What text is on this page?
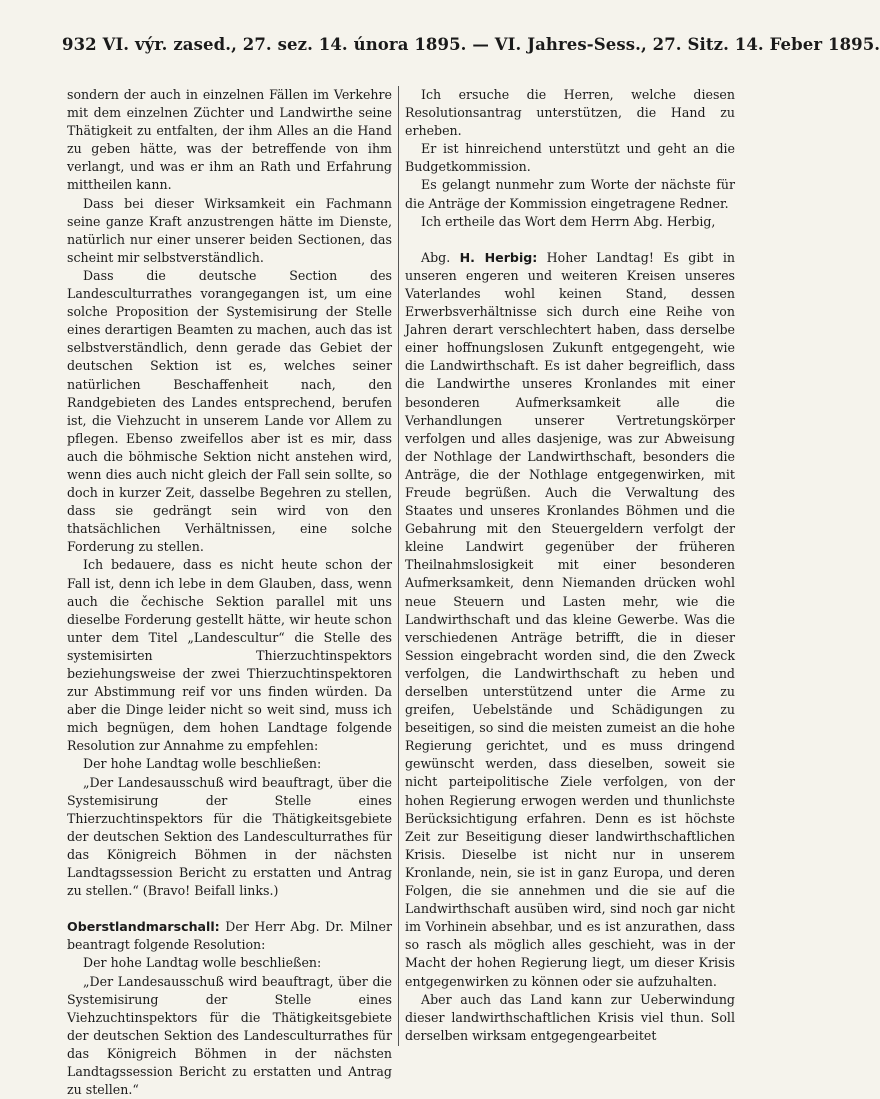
932 VI. výr. zased., 27. sez. 14. února 1895. — VI. Jahres-Sess., 27. Sitz. 14. Feber 1895.

sondern der auch in einzelnen Fällen im Verkehre mit dem einzelnen Züchter und Landwirthe seine Thätigkeit zu entfalten, der ihm Alles an die Hand zu geben hätte, was der betreffende von ihm verlangt, und was er ihm an Rath und Erfahrung mittheilen kann.

Dass bei dieser Wirksamkeit ein Fachmann seine ganze Kraft anzustrengen hätte im Dienste, natürlich nur einer unserer beiden Sectionen, das scheint mir selbstverständlich.

Dass die deutsche Section des Landesculturrathes vorangegangen ist, um eine solche Proposition der Systemisirung der Stelle eines derartigen Beamten zu machen, auch das ist selbstverständlich, denn gerade das Gebiet der deutschen Sektion ist es, welches seiner natürlichen Beschaffenheit nach, den Randgebieten des Landes entsprechend, berufen ist, die Viehzucht in unserem Lande vor Allem zu pflegen. Ebenso zweifellos aber ist es mir, dass auch die böhmische Sektion nicht anstehen wird, wenn dies auch nicht gleich der Fall sein sollte, so doch in kurzer Zeit, dasselbe Begehren zu stellen, dass sie gedrängt sein wird von den thatsächlichen Verhältnissen, eine solche Forderung zu stellen.

Ich bedauere, dass es nicht heute schon der Fall ist, denn ich lebe in dem Glauben, dass, wenn auch die čechische Sektion parallel mit uns dieselbe Forderung gestellt hätte, wir heute schon unter dem Titel „Landescultur“ die Stelle des systemisirten Thierzuchtinspektors beziehungsweise der zwei Thierzuchtinspektoren zur Abstimmung reif vor uns finden würden. Da aber die Dinge leider nicht so weit sind, muss ich mich begnügen, dem hohen Landtage folgende Resolution zur Annahme zu empfehlen:

Der hohe Landtag wolle beschließen:

„Der Landesausschuß wird beauftragt, über die Systemisirung der Stelle eines Thierzuchtinspektors für die Thätigkeitsgebiete der deutschen Sektion des Landesculturrathes für das Königreich Böhmen in der nächsten Landtagssession Bericht zu erstatten und Antrag zu stellen.“ (Bravo! Beifall links.)

Oberstlandmarschall: Der Herr Abg. Dr. Milner beantragt folgende Resolution:

Der hohe Landtag wolle beschließen:

„Der Landesausschuß wird beauftragt, über die Systemisirung der Stelle eines Viehzuchtinspektors für die Thätigkeitsgebiete der deutschen Sektion des Landesculturrathes für das Königreich Böhmen in der nächsten Landtagssession Bericht zu erstatten und Antrag zu stellen.“

Ich ersuche die Herren, welche diesen Resolutionsantrag unterstützen, die Hand zu erheben.

Er ist hinreichend unterstützt und geht an die Budgetkommission.

Es gelangt nunmehr zum Worte der nächste für die Anträge der Kommission eingetragene Redner.

Ich ertheile das Wort dem Herrn Abg. Herbig,

Abg. H. Herbig: Hoher Landtag! Es gibt in unseren engeren und weiteren Kreisen unseres Vaterlandes wohl keinen Stand, dessen Erwerbsverhältnisse sich durch eine Reihe von Jahren derart verschlechtert haben, dass derselbe einer hoffnungslosen Zukunft entgegengeht, wie die Landwirthschaft. Es ist daher begreiflich, dass die Landwirthe unseres Kronlandes mit einer besonderen Aufmerksamkeit alle die Verhandlungen unserer Vertretungskörper verfolgen und alles dasjenige, was zur Abweisung der Nothlage der Landwirthschaft, besonders die Anträge, die der Nothlage entgegenwirken, mit Freude begrüßen. Auch die Verwaltung des Staates und unseres Kronlandes Böhmen und die Gebahrung mit den Steuergeldern verfolgt der kleine Landwirt gegenüber der früheren Theilnahmslosigkeit mit einer besonderen Aufmerksamkeit, denn Niemanden drücken wohl neue Steuern und Lasten mehr, wie die Landwirthschaft und das kleine Gewerbe. Was die verschiedenen Anträge betrifft, die in dieser Session eingebracht worden sind, die den Zweck verfolgen, die Landwirthschaft zu heben und derselben unterstützend unter die Arme zu greifen, Uebelstände und Schädigungen zu beseitigen, so sind die meisten zumeist an die hohe Regierung gerichtet, und es muss dringend gewünscht werden, dass dieselben, soweit sie nicht parteipolitische Ziele verfolgen, von der hohen Regierung erwogen werden und thunlichste Berücksichtigung erfahren. Denn es ist höchste Zeit zur Beseitigung dieser landwirthschaftlichen Krisis. Dieselbe ist nicht nur in unserem Kronlande, nein, sie ist in ganz Europa, und deren Folgen, die sie annehmen und die sie auf die Landwirthschaft ausüben wird, sind noch gar nicht im Vorhinein absehbar, und es ist anzurathen, dass so rasch als möglich alles geschieht, was in der Macht der hohen Regierung liegt, um dieser Krisis entgegenwirken zu können oder sie aufzuhalten.

Aber auch das Land kann zur Ueberwindung dieser landwirthschaftlichen Krisis viel thun. Soll derselben wirksam entgegengearbeitet
